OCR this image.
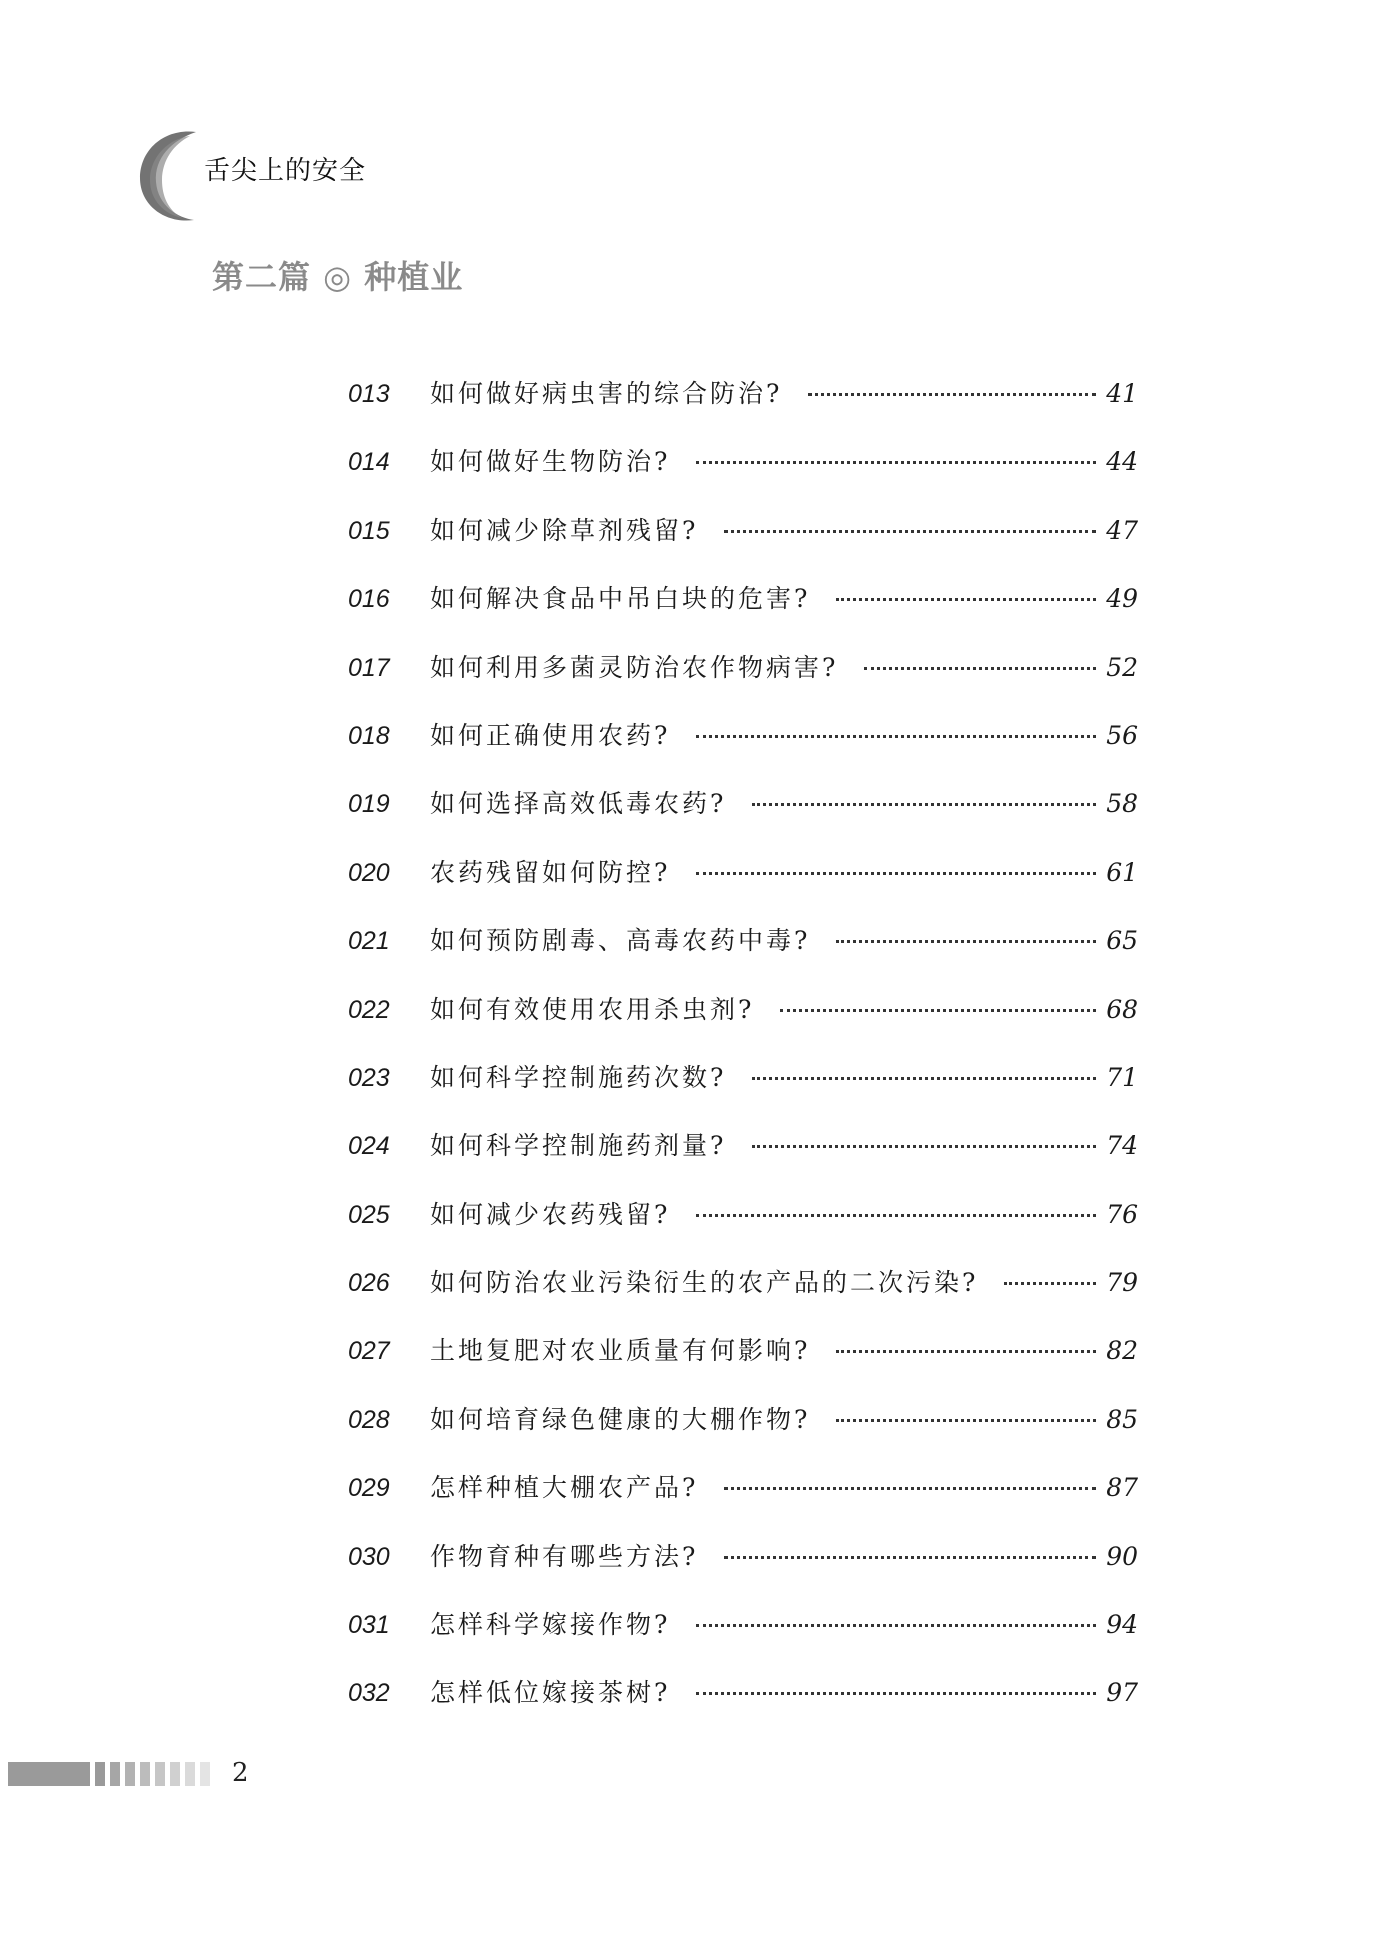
舌尖上的安全
第二篇 ◎ 种植业
013	如何做好病虫害的综合防治?	41
014	如何做好生物防治?	44
015	如何减少除草剂残留?	47
016	如何解决食品中吊白块的危害?	49
017	如何利用多菌灵防治农作物病害?	52
018	如何正确使用农药?	56
019	如何选择高效低毒农药?	58
020	农药残留如何防控?	61
021	如何预防剧毒、高毒农药中毒?	65
022	如何有效使用农用杀虫剂?	68
023	如何科学控制施药次数?	71
024	如何科学控制施药剂量?	74
025	如何减少农药残留?	76
026	如何防治农业污染衍生的农产品的二次污染?	79
027	土地复肥对农业质量有何影响?	82
028	如何培育绿色健康的大棚作物?	85
029	怎样种植大棚农产品?	87
030	作物育种有哪些方法?	90
031	怎样科学嫁接作物?	94
032	怎样低位嫁接茶树?	97
2
